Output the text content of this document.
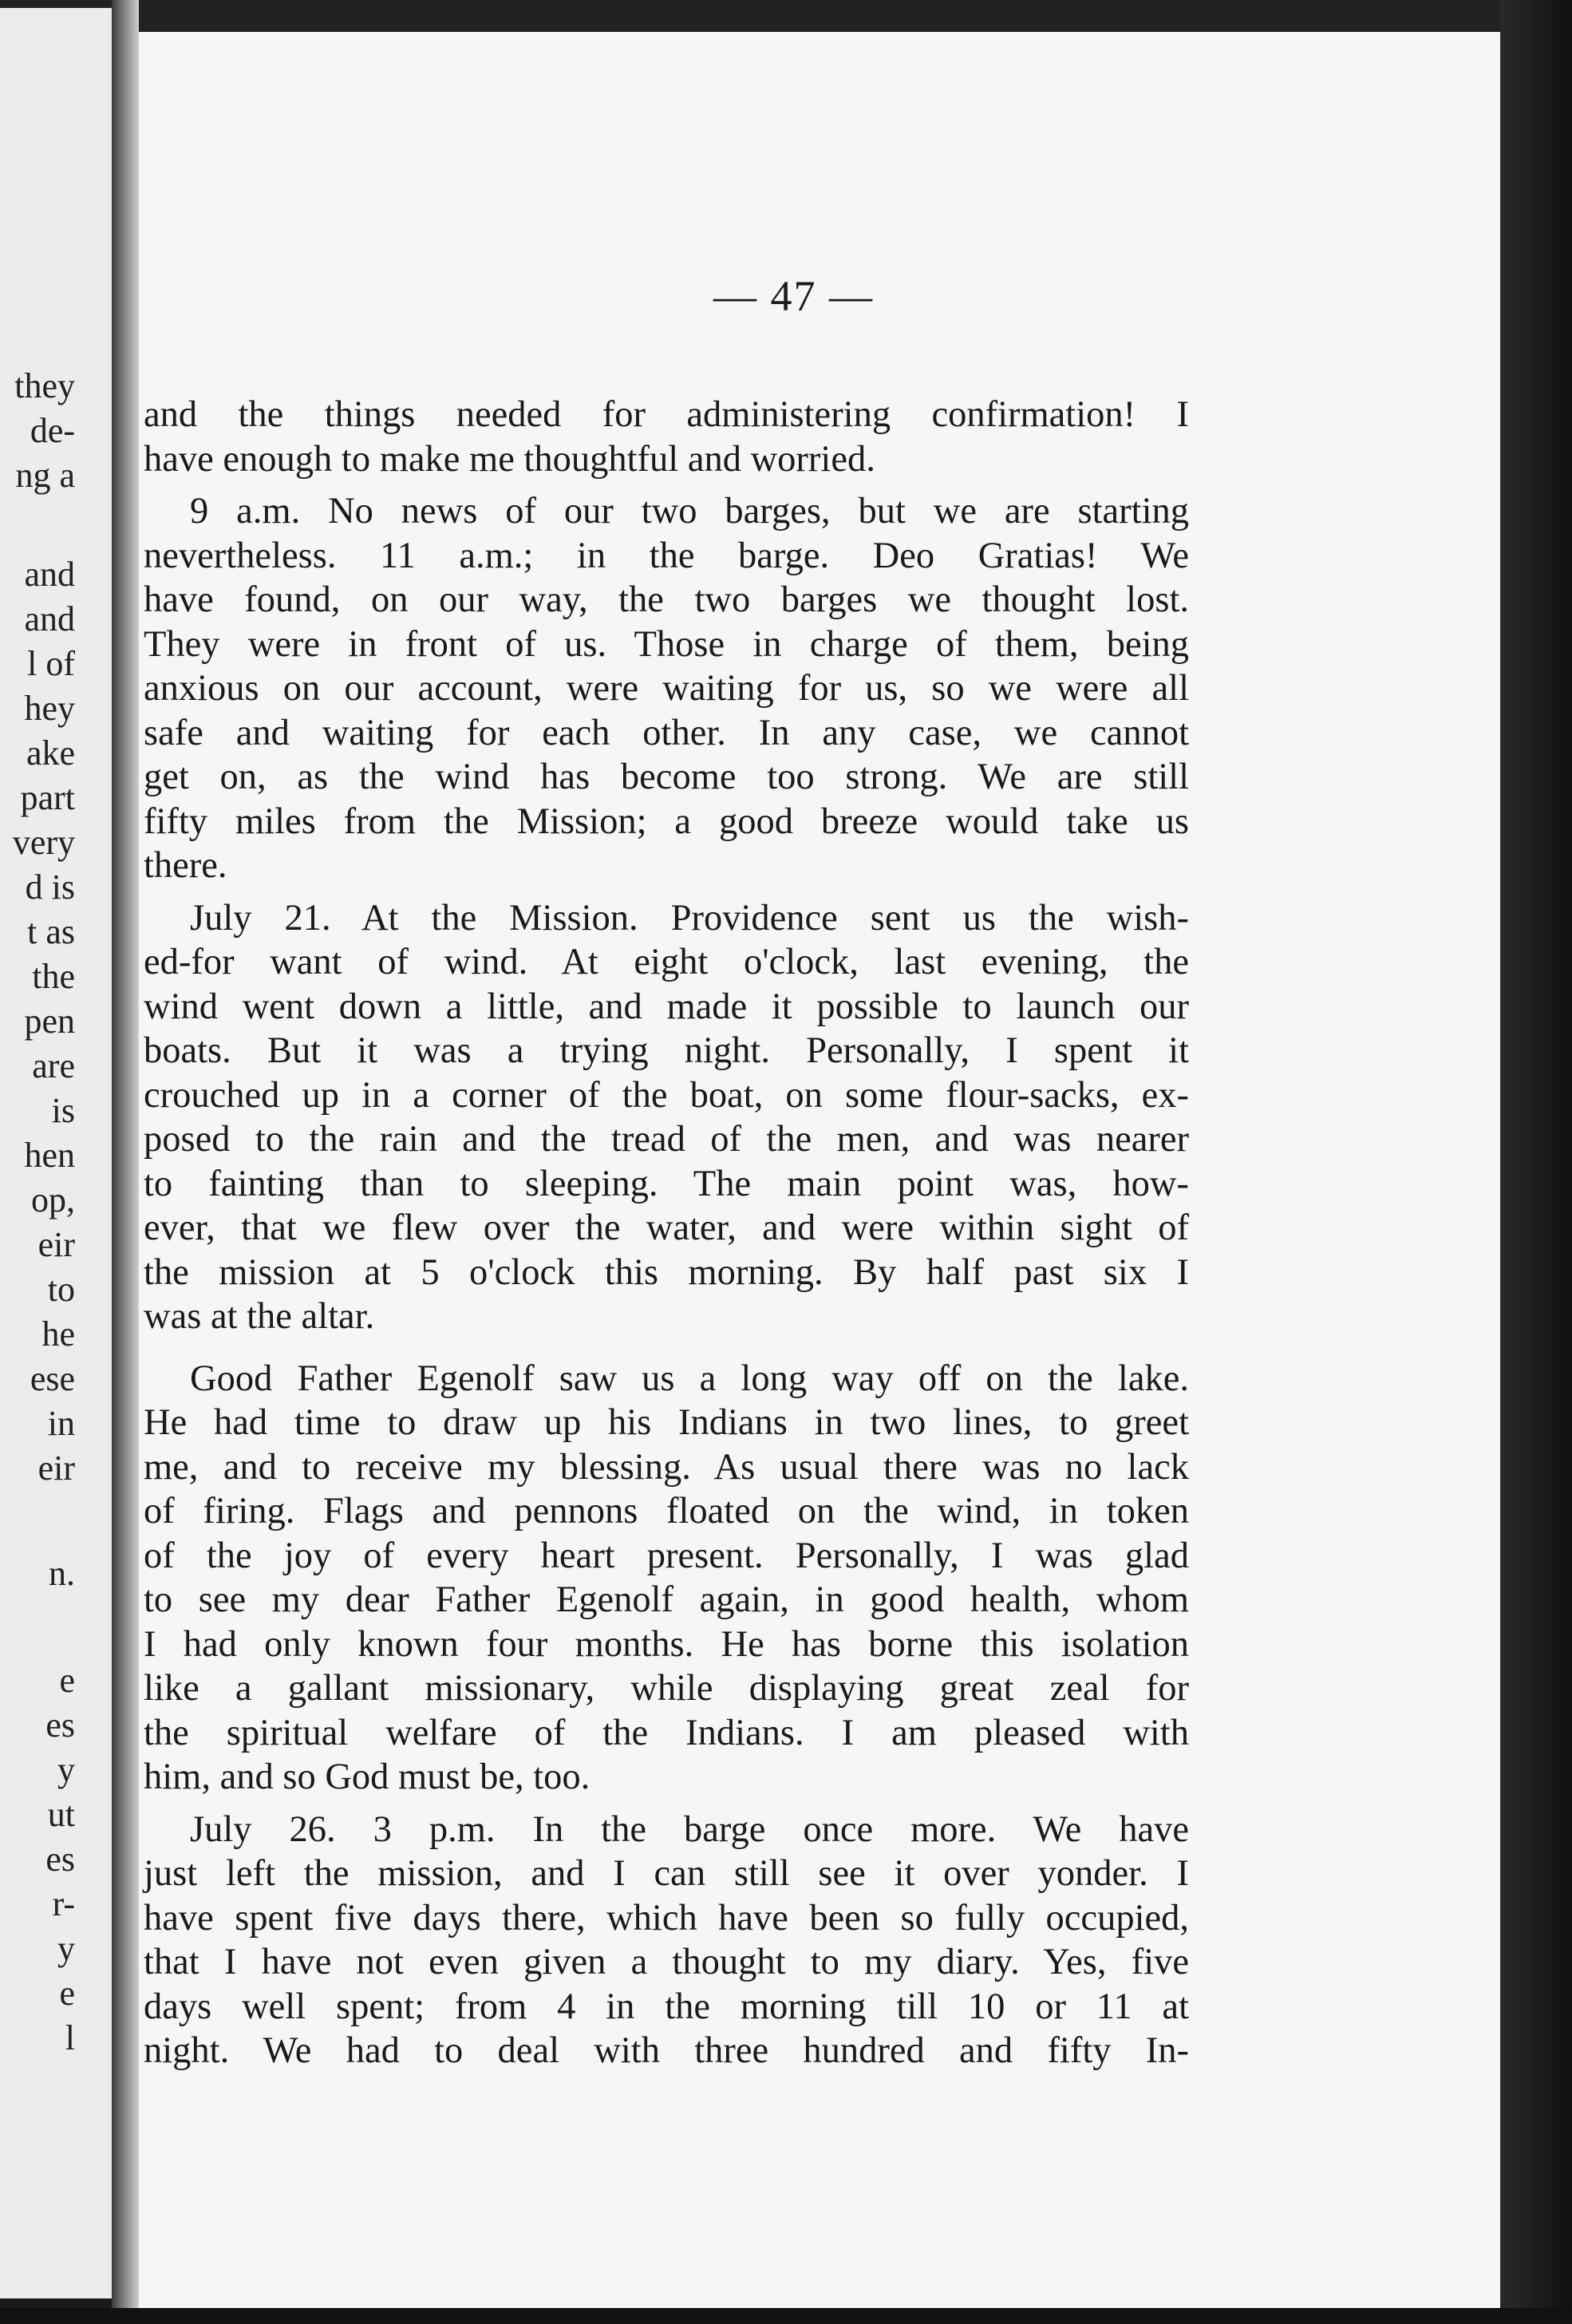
they
de-
ng a
and
and
l of
hey
ake
part
very
d is
t as
the
pen
are
is
hen
op,
eir
to
he
ese
in
eir
n.
e
es
y
ut
es
r-
y
e
l
— 47 —

and the things needed for administering confirmation! I
have enough to make me thoughtful and worried.

9 a.m. No news of our two barges, but we are starting
nevertheless. 11 a.m.; in the barge. Deo Gratias! We
have found, on our way, the two barges we thought lost.
They were in front of us. Those in charge of them, being
anxious on our account, were waiting for us, so we were all
safe and waiting for each other. In any case, we cannot
get on, as the wind has become too strong. We are still
fifty miles from the Mission; a good breeze would take us
there.

July 21. At the Mission. Providence sent us the wish-
ed-for want of wind. At eight o'clock, last evening, the
wind went down a little, and made it possible to launch our
boats. But it was a trying night. Personally, I spent it
crouched up in a corner of the boat, on some flour-sacks, ex-
posed to the rain and the tread of the men, and was nearer
to fainting than to sleeping. The main point was, how-
ever, that we flew over the water, and were within sight of
the mission at 5 o'clock this morning. By half past six I
was at the altar.

Good Father Egenolf saw us a long way off on the lake.
He had time to draw up his Indians in two lines, to greet
me, and to receive my blessing. As usual there was no lack
of firing. Flags and pennons floated on the wind, in token
of the joy of every heart present. Personally, I was glad
to see my dear Father Egenolf again, in good health, whom
I had only known four months. He has borne this isolation
like a gallant missionary, while displaying great zeal for
the spiritual welfare of the Indians. I am pleased with
him, and so God must be, too.

July 26. 3 p.m. In the barge once more. We have
just left the mission, and I can still see it over yonder. I
have spent five days there, which have been so fully occupied,
that I have not even given a thought to my diary. Yes, five
days well spent; from 4 in the morning till 10 or 11 at
night. We had to deal with three hundred and fifty In-
